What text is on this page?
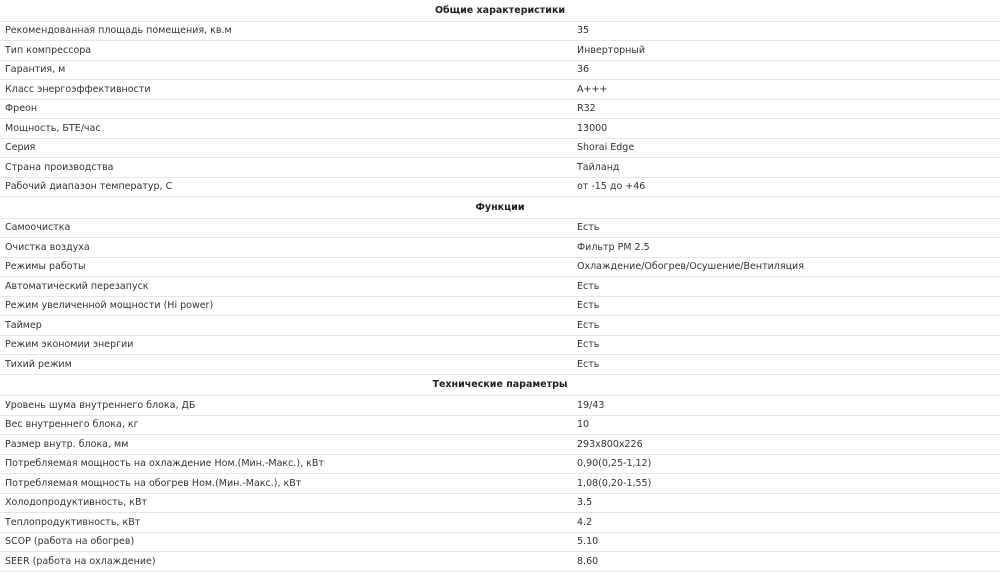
Общие характеристики	
Рекомендованная площадь помещения, кв.м	35
Тип компрессора	Инверторный
Гарантия, м	36
Класс энергоэффективности	A+++
Фреон	R32
Мощность, БТЕ/час	13000
Серия	Shorai Edge
Страна производства	Тайланд
Рабочий диапазон температур, С	от -15 до +46
Функции	
Самоочистка	Есть
Очистка воздуха	Фильтр PM 2.5
Режимы работы	Охлаждение/Обогрев/Осушение/Вентиляция
Автоматический перезапуск	Есть
Режим увеличенной мощности (Hi power)	Есть
Таймер	Есть
Режим экономии энергии	Есть
Тихий режим	Есть
Технические параметры	
Уровень шума внутреннего блока, ДБ	19/43
Вес внутреннего блока, кг	10
Размер внутр. блока, мм	293х800х226
Потребляемая мощность на охлаждение Ном.(Мин.-Макс.), кВт	0,90(0,25-1,12)
Потребляемая мощность на обогрев Ном.(Мин.-Макс.), кВт	1,08(0,20-1,55)
Холодопродуктивность, кВт	3.5
Теплопродуктивность, кВт	4.2
SCOP (работа на обогрев)	5.10
SEER (работа на охлаждение)	8.60
